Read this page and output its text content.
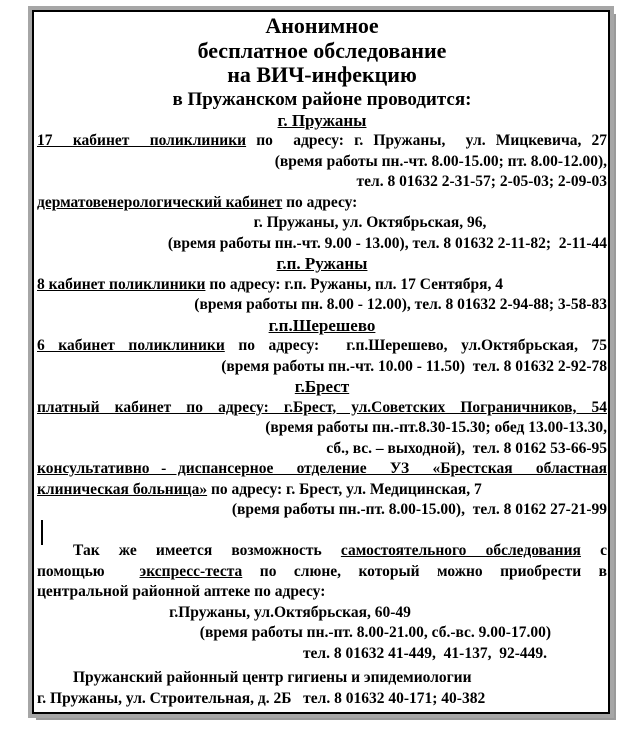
Анонимное
бесплатное обследование
на ВИЧ-инфекцию
в Пружанском районе проводится:
г. Пружаны
17  кабинет  поликлиники по  адресу: г. Пружаны,  ул. Мицкевича, 27
(время работы пн.-чт. 8.00-15.00; пт. 8.00-12.00),
тел. 8 01632 2-31-57; 2-05-03; 2-09-03
дерматовенерологический кабинет по адресу:
г. Пружаны, ул. Октябрьская, 96,
(время работы пн.-чт. 9.00 - 13.00), тел. 8 01632 2-11-82;  2-11-44
г.п. Ружаны
8 кабинет поликлиники по адресу: г.п. Ружаны, пл. 17 Сентября, 4
(время работы пн. 8.00 - 12.00), тел. 8 01632 2-94-88; 3-58-83
г.п.Шерешево
6 кабинет поликлиники по адресу:  г.п.Шерешево, ул.Октябрьская, 75
(время работы пн.-чт. 10.00 - 11.50)  тел. 8 01632 2-92-78
г.Брест
платный кабинет по адресу: г.Брест, ул.Советских Пограничников, 54
(время работы пн.-пт.8.30-15.30; обед 13.00-13.30,
сб., вс. – выходной),  тел. 8 0162 53-66-95
консультативно - диспансерное  отделение  УЗ  «Брестская  областная
клиническая больница» по адресу: г. Брест, ул. Медицинская, 7
(время работы пн.-пт. 8.00-15.00),  тел. 8 0162 27-21-99
Так же имеется возможность самостоятельного обследования с
помощью  экспресс-теста по слюне, который можно приобрести в
центральной районной аптеке по адресу:
г.Пружаны, ул.Октябрьская, 60-49
(время работы пн.-пт. 8.00-21.00, сб.-вс. 9.00-17.00)
тел. 8 01632 41-449,  41-137,  92-449.
Пружанский районный центр гигиены и эпидемиологии
г. Пружаны, ул. Строительная, д. 2Б   тел. 8 01632 40-171; 40-382
